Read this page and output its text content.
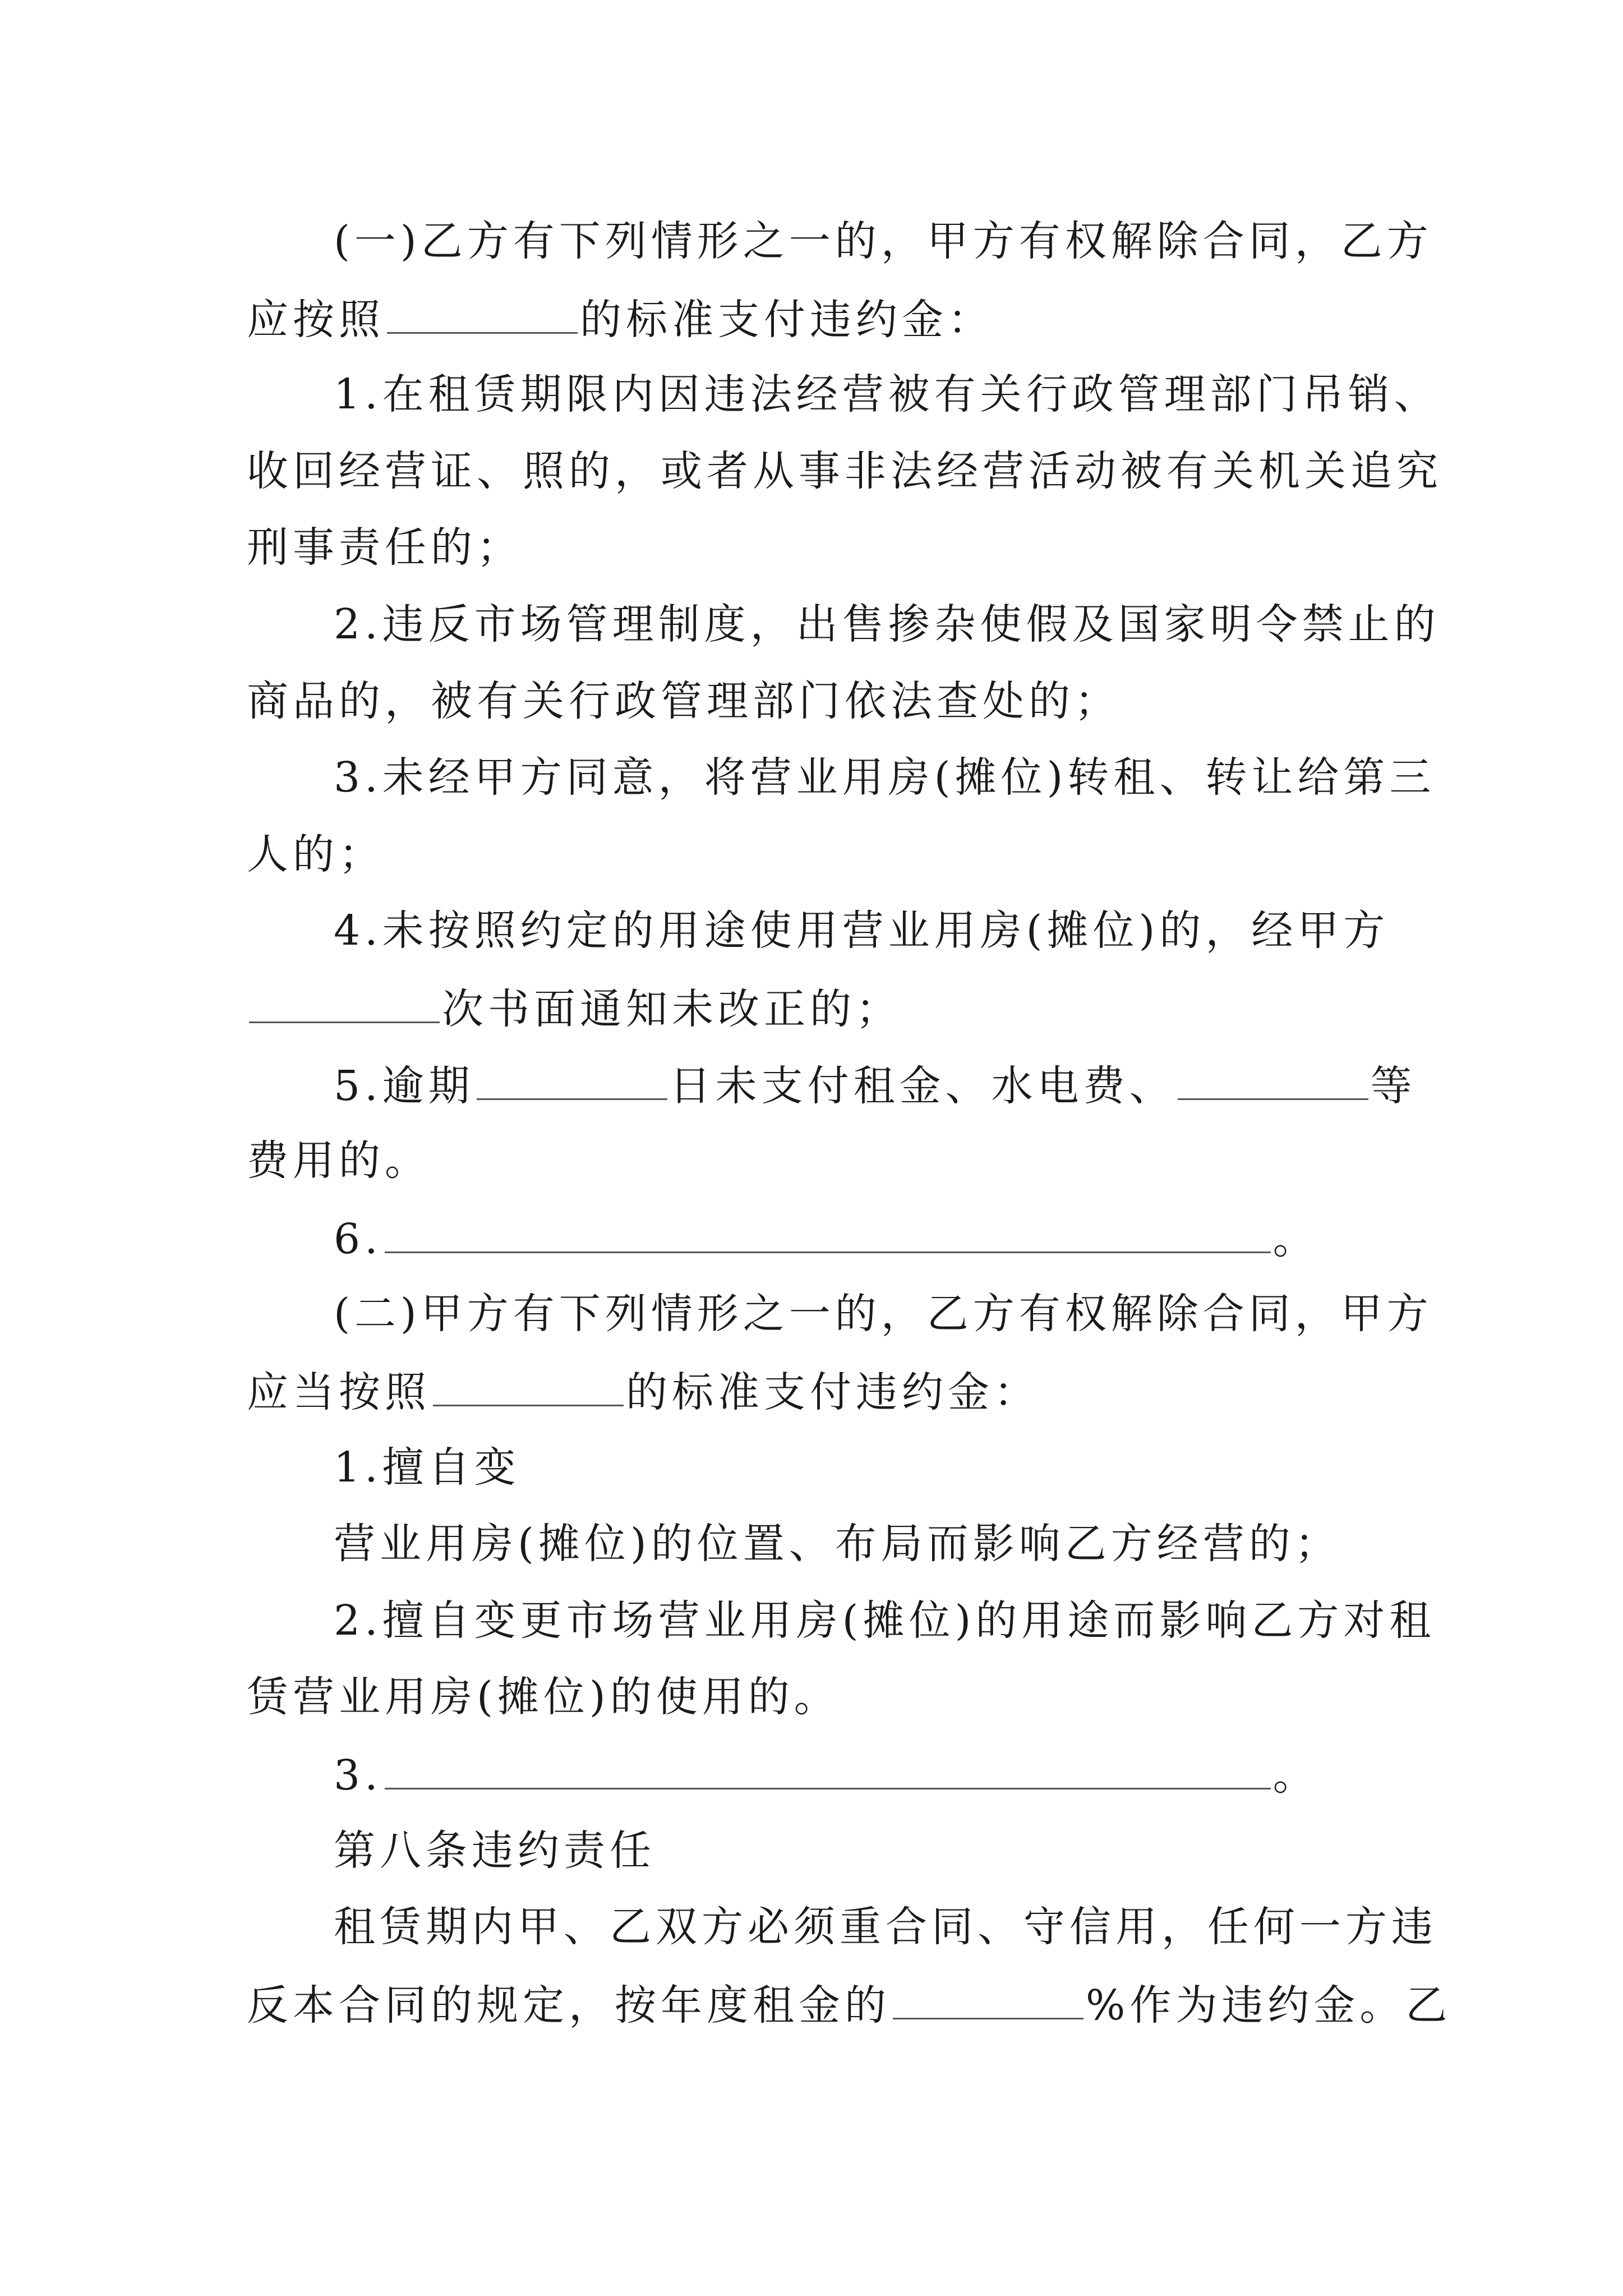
(一)乙方有下列情形之一的，甲方有权解除合同，乙方
应按照	的标准支付违约金：
1.在租赁期限内因违法经营被有关行政管理部门吊销、
收回经营证、照的，或者从事非法经营活动被有关机关追究
刑事责任的；
2.违反市场管理制度，出售掺杂使假及国家明令禁止的
商品的，被有关行政管理部门依法查处的；
3.未经甲方同意，将营业用房(摊位)转租、转让给第三
人的；
4.未按照约定的用途使用营业用房(摊位)的，经甲方
次书面通知未改正的；
5.逾期	日未支付租金、水电费、	等
费用的。
6.	。
(二)甲方有下列情形之一的，乙方有权解除合同，甲方
应当按照	的标准支付违约金：
1.擅自变
营业用房(摊位)的位置、布局而影响乙方经营的；
2.擅自变更市场营业用房(摊位)的用途而影响乙方对租
赁营业用房(摊位)的使用的。
3.	。
第八条违约责任
租赁期内甲、乙双方必须重合同、守信用，任何一方违
反本合同的规定，按年度租金的	%作为违约金。乙
